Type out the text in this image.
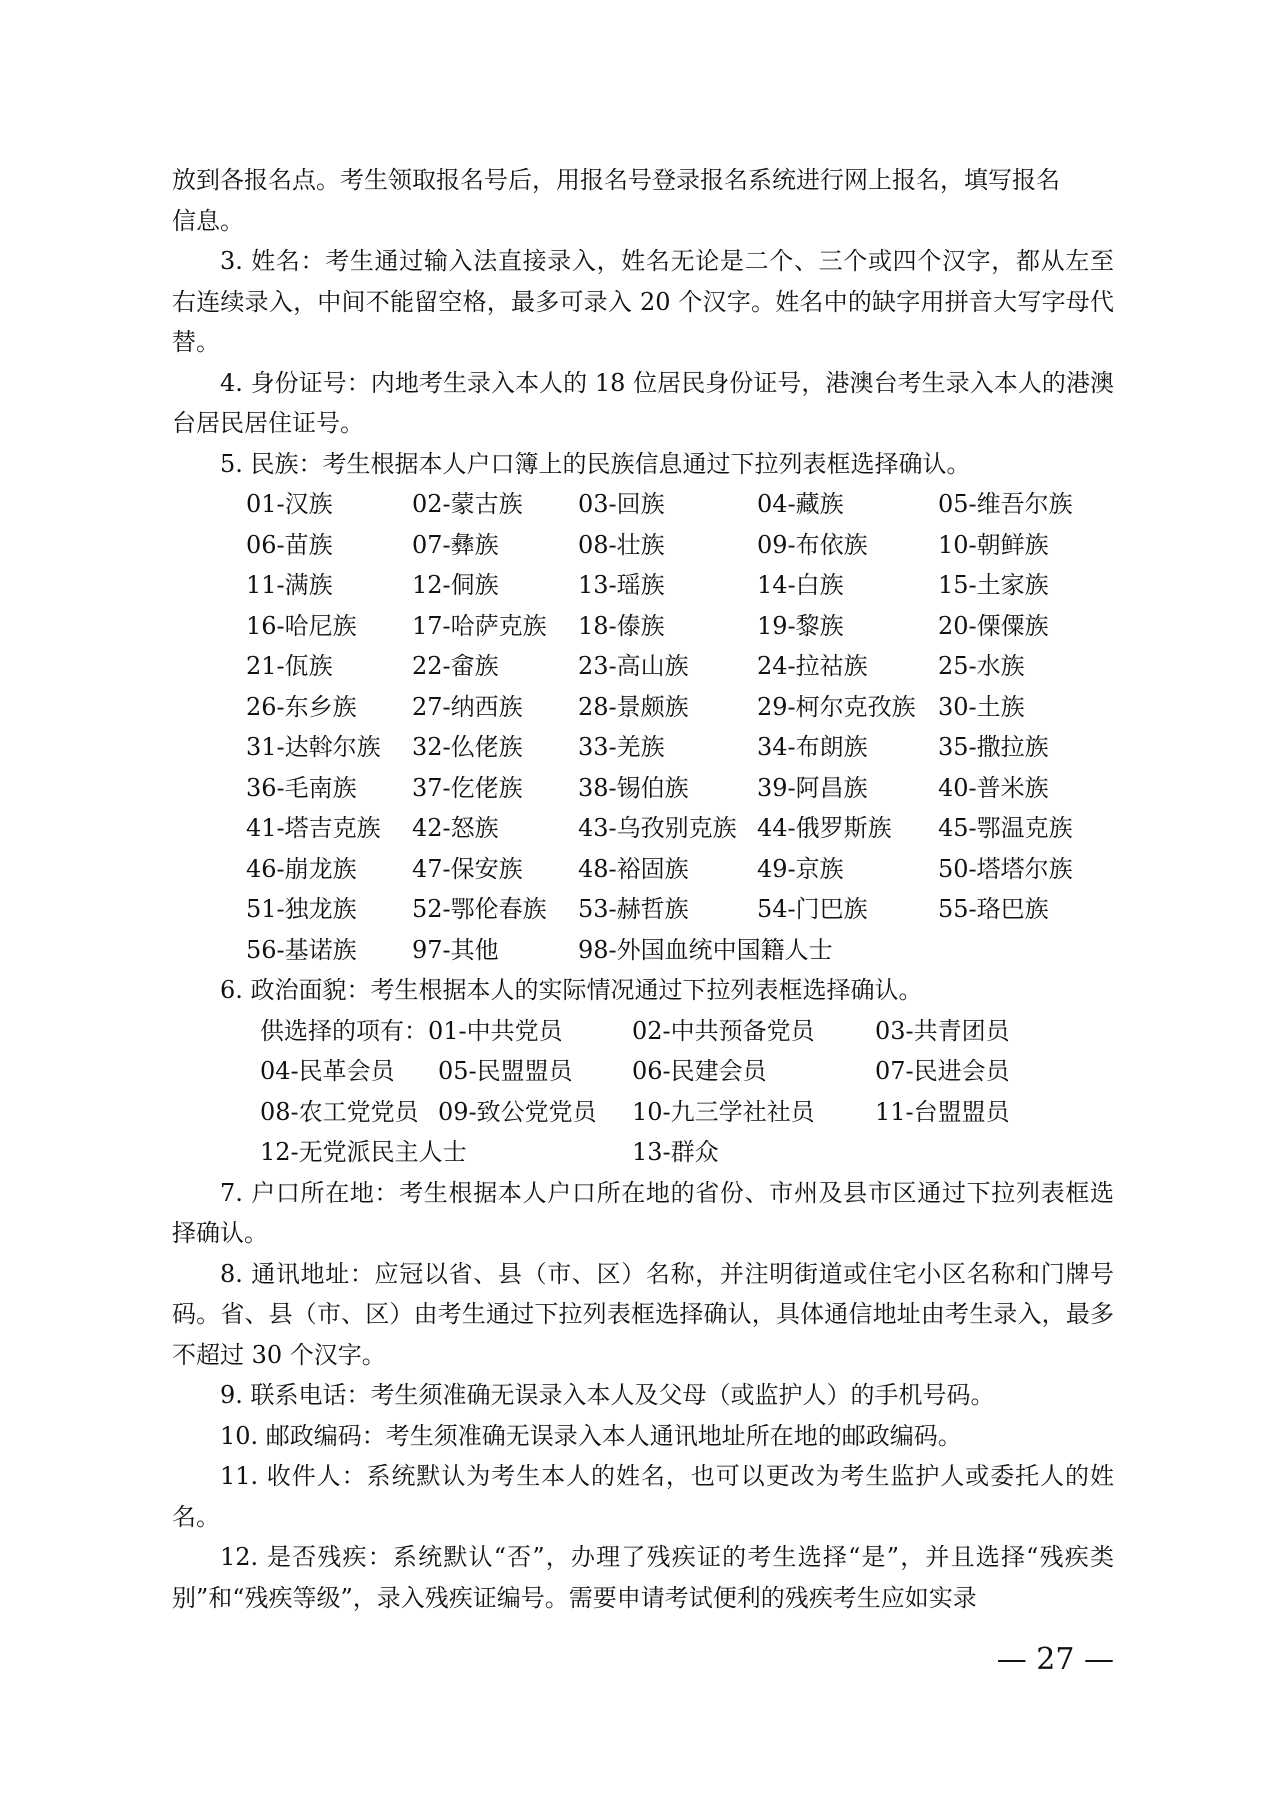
放到各报名点。考生领取报名号后，用报名号登录报名系统进行网上报名，填写报名

信息。

3. 姓名：考生通过输入法直接录入，姓名无论是二个、三个或四个汉字，都从左至右连续录入，中间不能留空格，最多可录入 20 个汉字。姓名中的缺字用拼音大写字母代替。

4. 身份证号：内地考生录入本人的 18 位居民身份证号，港澳台考生录入本人的港澳台居民居住证号。

5. 民族：考生根据本人户口簿上的民族信息通过下拉列表框选择确认。

01-汉族	02-蒙古族	03-回族	04-藏族	05-维吾尔族
06-苗族	07-彝族	08-壮族	09-布依族	10-朝鲜族
11-满族	12-侗族	13-瑶族	14-白族	15-土家族
16-哈尼族	17-哈萨克族	18-傣族	19-黎族	20-傈僳族
21-佤族	22-畲族	23-高山族	24-拉祜族	25-水族
26-东乡族	27-纳西族	28-景颇族	29-柯尔克孜族 30-土族
31-达斡尔族	32-仫佬族	33-羌族	34-布朗族	35-撒拉族
36-毛南族	37-仡佬族	38-锡伯族	39-阿昌族	40-普米族
41-塔吉克族	42-怒族	43-乌孜别克族 44-俄罗斯族	45-鄂温克族
46-崩龙族	47-保安族	48-裕固族	49-京族	50-塔塔尔族
51-独龙族	52-鄂伦春族	53-赫哲族	54-门巴族	55-珞巴族
56-基诺族	97-其他	98-外国血统中国籍人士

6. 政治面貌：考生根据本人的实际情况通过下拉列表框选择确认。

供选择的项有：01-中共党员	02-中共预备党员	03-共青团员
04-民革会员	05-民盟盟员	06-民建会员	07-民进会员
08-农工党党员 09-致公党党员	10-九三学社社员	11-台盟盟员
12-无党派民主人士	13-群众

7. 户口所在地：考生根据本人户口所在地的省份、市州及县市区通过下拉列表框选择确认。

8. 通讯地址：应冠以省、县（市、区）名称，并注明街道或住宅小区名称和门牌号码。省、县（市、区）由考生通过下拉列表框选择确认，具体通信地址由考生录入，最多不超过 30 个汉字。

9. 联系电话：考生须准确无误录入本人及父母（或监护人）的手机号码。

10. 邮政编码：考生须准确无误录入本人通讯地址所在地的邮政编码。

11. 收件人：系统默认为考生本人的姓名，也可以更改为考生监护人或委托人的姓名。

12. 是否残疾：系统默认“否”，办理了残疾证的考生选择“是”，并且选择“残疾类别”和“残疾等级”，录入残疾证编号。需要申请考试便利的残疾考生应如实录

— 27 —
